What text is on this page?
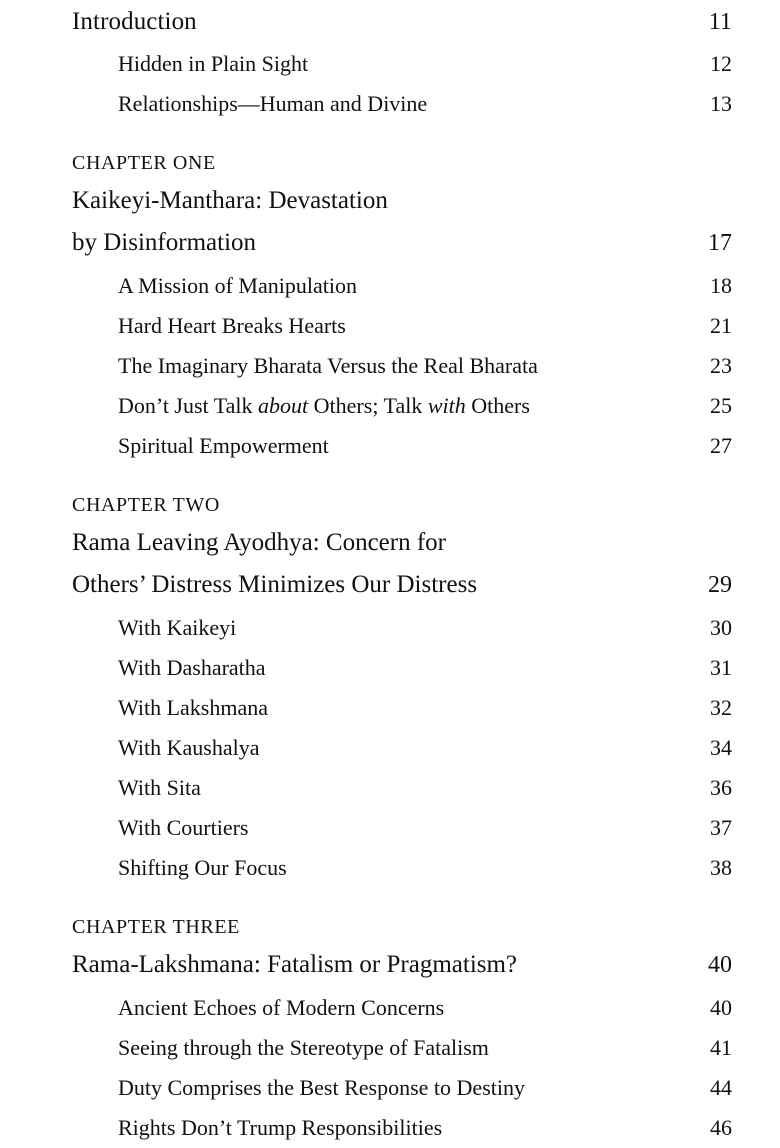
Introduction	11
Hidden in Plain Sight	12
Relationships—Human and Divine	13
CHAPTER ONE
Kaikeyi-Manthara: Devastation
by Disinformation	17
A Mission of Manipulation	18
Hard Heart Breaks Hearts	21
The Imaginary Bharata Versus the Real Bharata	23
Don’t Just Talk about Others; Talk with Others	25
Spiritual Empowerment	27
CHAPTER TWO
Rama Leaving Ayodhya: Concern for
Others’ Distress Minimizes Our Distress	29
With Kaikeyi	30
With Dasharatha	31
With Lakshmana	32
With Kaushalya	34
With Sita	36
With Courtiers	37
Shifting Our Focus	38
CHAPTER THREE
Rama-Lakshmana: Fatalism or Pragmatism?	40
Ancient Echoes of Modern Concerns	40
Seeing through the Stereotype of Fatalism	41
Duty Comprises the Best Response to Destiny	44
Rights Don’t Trump Responsibilities	46
